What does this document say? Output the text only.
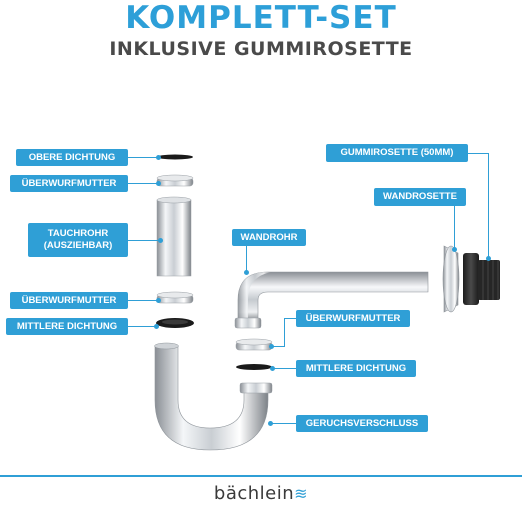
KOMPLETT-SET
INKLUSIVE GUMMIROSETTE
OBERE DICHTUNG
ÜBERWURFMUTTER
TAUCHROHR (AUSZIEHBAR)
ÜBERWURFMUTTER
MITTLERE DICHTUNG
WANDROHR
ÜBERWURFMUTTER
MITTLERE DICHTUNG
GERUCHSVERSCHLUSS
GUMMIROSETTE (50MM)
WANDROSETTE
bächlein≋
